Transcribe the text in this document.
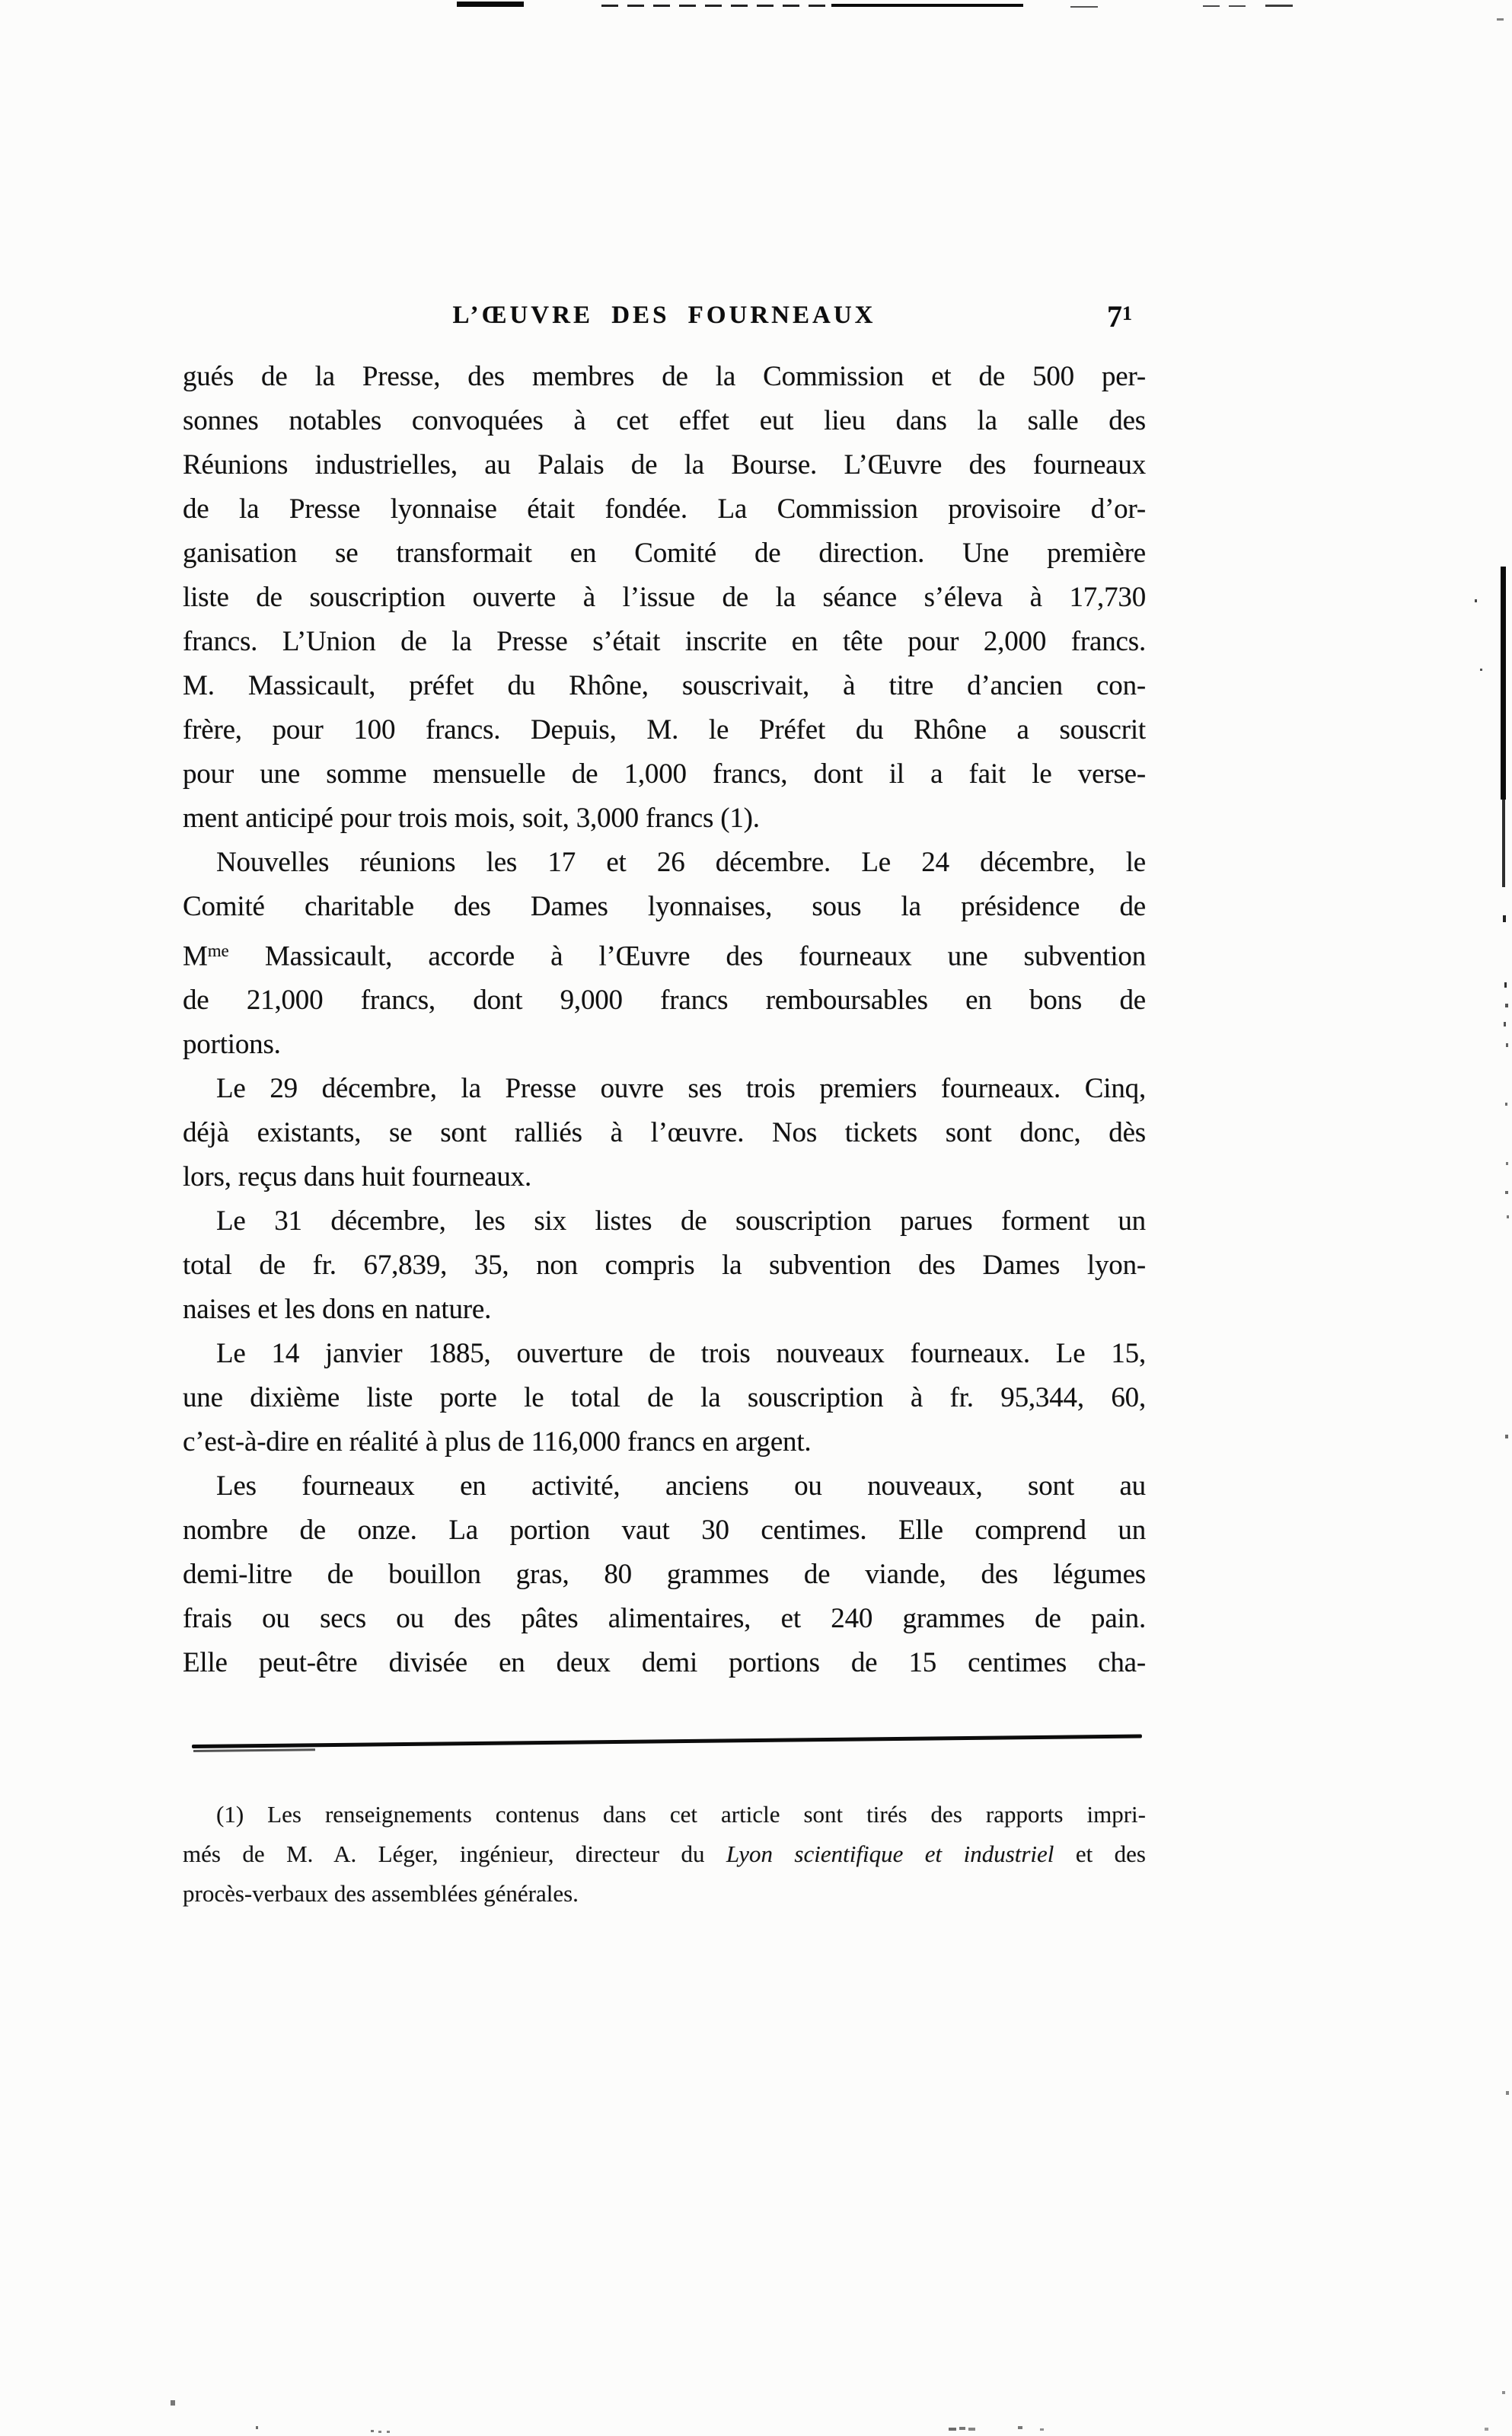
L’ŒUVRE DES FOURNEAUX	$7^1$
gués de la Presse, des membres de la Commission et de 500 per-
sonnes notables convoquées à cet effet eut lieu dans la salle des
Réunions industrielles, au Palais de la Bourse. L’Œuvre des fourneaux
de la Presse lyonnaise était fondée. La Commission provisoire d’or-
ganisation se transformait en Comité de direction. Une première
liste de souscription ouverte à l’issue de la séance s’éleva à 17,730
francs. L’Union de la Presse s’était inscrite en tête pour 2,000 francs.
M. Massicault, préfet du Rhône, souscrivait, à titre d’ancien con-
frère, pour 100 francs. Depuis, M. le Préfet du Rhône a souscrit
pour une somme mensuelle de 1,000 francs, dont il a fait le verse-
ment anticipé pour trois mois, soit, 3,000 francs (1).
Nouvelles réunions les 17 et 26 décembre. Le 24 décembre, le
Comité charitable des Dames lyonnaises, sous la présidence de
$M^{me}$ Massicault, accorde à l’Œuvre des fourneaux une subvention
de 21,000 francs, dont 9,000 francs remboursables en bons de
portions.
Le 29 décembre, la Presse ouvre ses trois premiers fourneaux. Cinq,
déjà existants, se sont ralliés à l’œuvre. Nos tickets sont donc, dès
lors, reçus dans huit fourneaux.
Le 31 décembre, les six listes de souscription parues forment un
total de fr. 67,839, 35, non compris la subvention des Dames lyon-
naises et les dons en nature.
Le 14 janvier 1885, ouverture de trois nouveaux fourneaux. Le 15,
une dixième liste porte le total de la souscription à fr. 95,344, 60,
c’est-à-dire en réalité à plus de 116,000 francs en argent.
Les fourneaux en activité, anciens ou nouveaux, sont au
nombre de onze. La portion vaut 30 centimes. Elle comprend un
demi-litre de bouillon gras, 80 grammes de viande, des légumes
frais ou secs ou des pâtes alimentaires, et 240 grammes de pain.
Elle peut-être divisée en deux demi portions de 15 centimes cha-
(1) Les renseignements contenus dans cet article sont tirés des rapports impri-
més de M. A. Léger, ingénieur, directeur du Lyon scientifique et industriel et des
procès-verbaux des assemblées générales.
